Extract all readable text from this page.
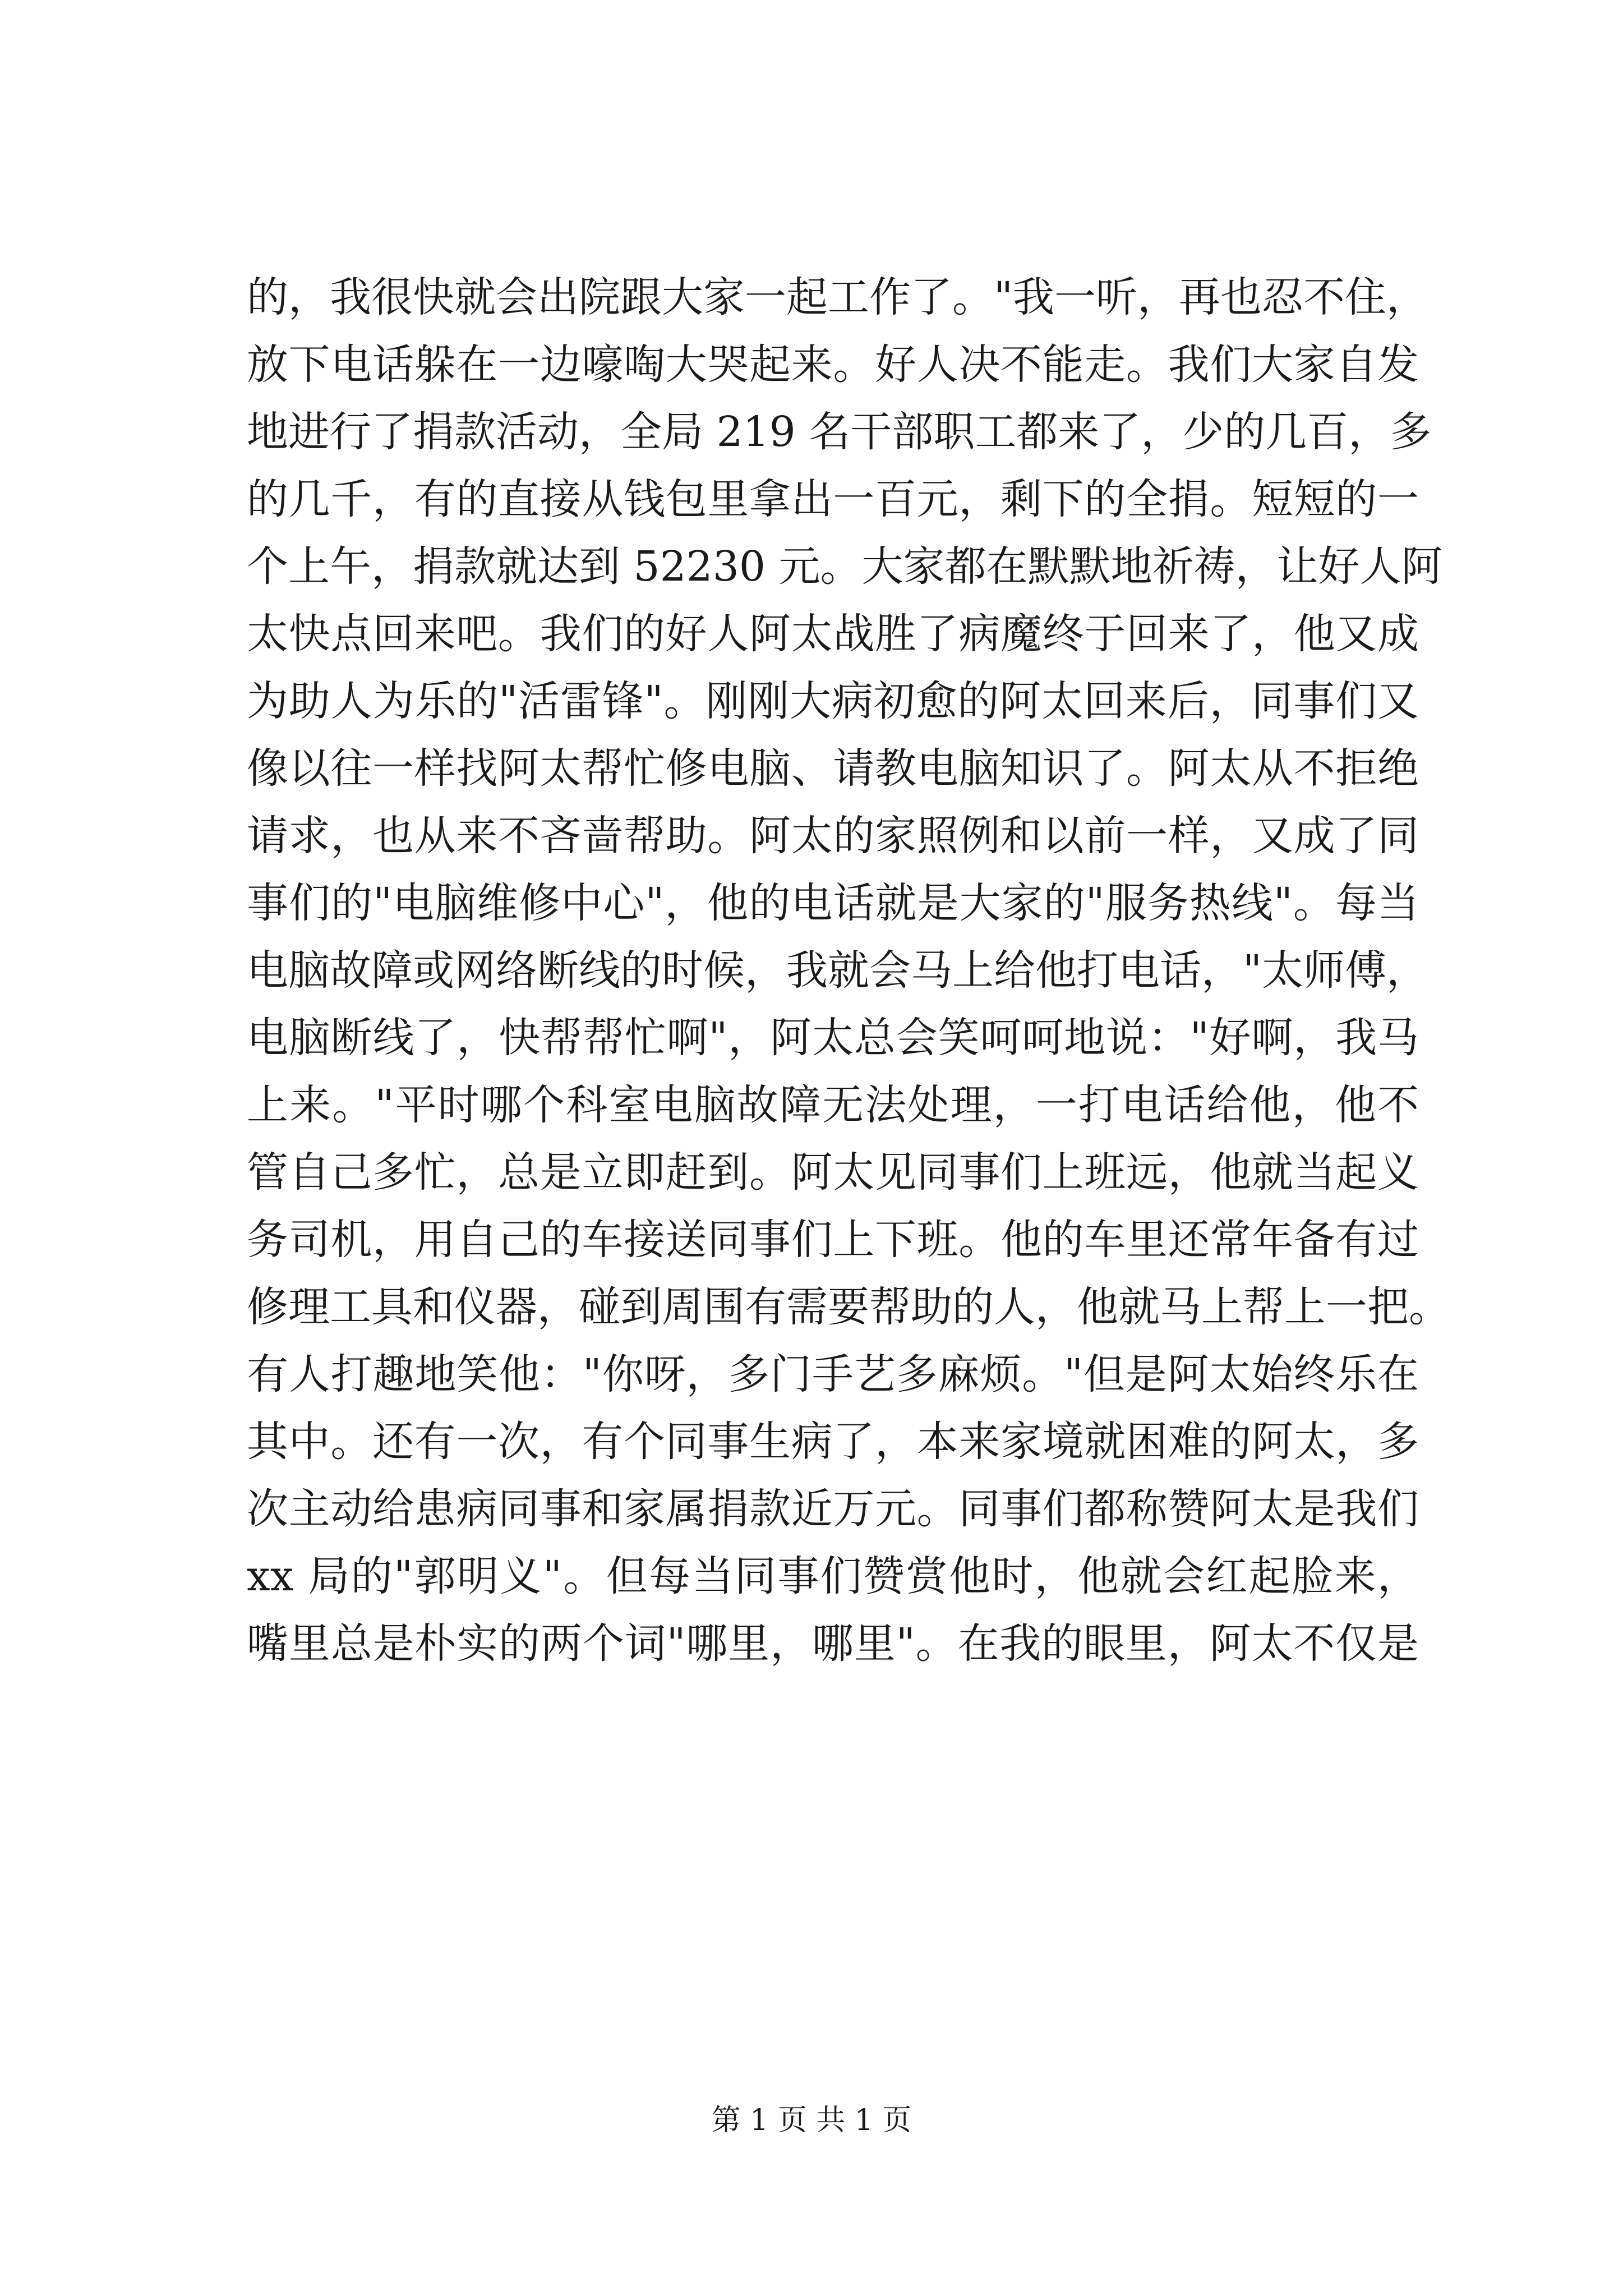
的，我很快就会出院跟大家一起工作了。"我一听，再也忍不住，
放下电话躲在一边嚎啕大哭起来。好人决不能走。我们大家自发
地进行了捐款活动，全局 219 名干部职工都来了，少的几百，多
的几千，有的直接从钱包里拿出一百元，剩下的全捐。短短的一
个上午，捐款就达到 52230 元。大家都在默默地祈祷，让好人阿
太快点回来吧。我们的好人阿太战胜了病魔终于回来了，他又成
为助人为乐的"活雷锋"。刚刚大病初愈的阿太回来后，同事们又
像以往一样找阿太帮忙修电脑、请教电脑知识了。阿太从不拒绝
请求，也从来不吝啬帮助。阿太的家照例和以前一样，又成了同
事们的"电脑维修中心"，他的电话就是大家的"服务热线"。每当
电脑故障或网络断线的时候，我就会马上给他打电话，"太师傅，
电脑断线了，快帮帮忙啊"，阿太总会笑呵呵地说："好啊，我马
上来。"平时哪个科室电脑故障无法处理，一打电话给他，他不
管自己多忙，总是立即赶到。阿太见同事们上班远，他就当起义
务司机，用自己的车接送同事们上下班。他的车里还常年备有过
修理工具和仪器，碰到周围有需要帮助的人，他就马上帮上一把。
有人打趣地笑他："你呀，多门手艺多麻烦。"但是阿太始终乐在
其中。还有一次，有个同事生病了，本来家境就困难的阿太，多
次主动给患病同事和家属捐款近万元。同事们都称赞阿太是我们
xx 局的"郭明义"。但每当同事们赞赏他时，他就会红起脸来，
嘴里总是朴实的两个词"哪里，哪里"。在我的眼里，阿太不仅是
第 1 页 共 1 页
